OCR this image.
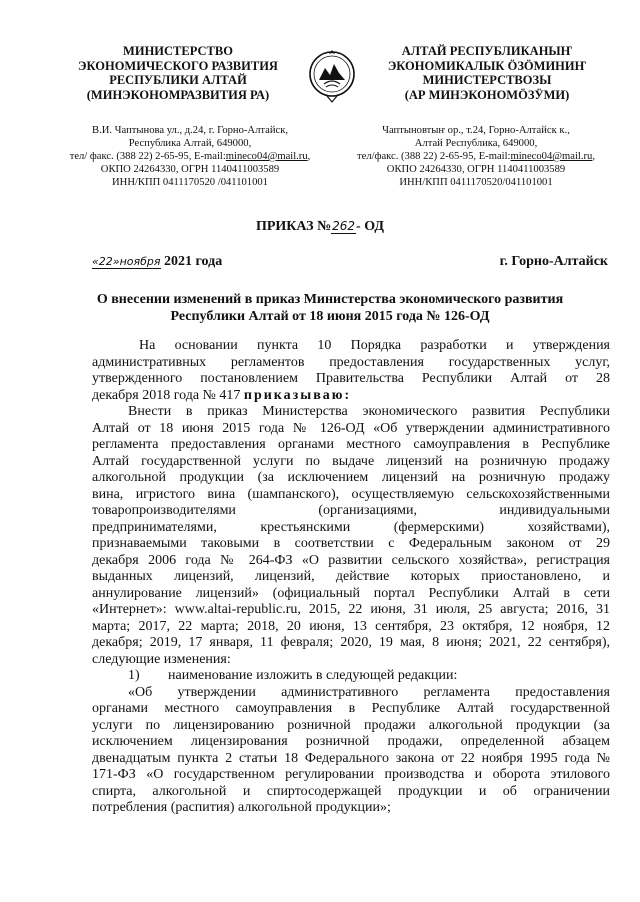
МИНИСТЕРСТВО
ЭКОНОМИЧЕСКОГО РАЗВИТИЯ
РЕСПУБЛИКИ АЛТАЙ
(МИНЭКОНОМРАЗВИТИЯ РА)
АЛТАЙ РЕСПУБЛИКАНЫҤ
ЭКОНОМИКАЛЫК ӦЗӦМИНИҤ
МИНИСТЕРСТВОЗЫ
(АР МИНЭКОНОМӦЗӰМИ)
В.И. Чаптынова ул., д.24, г. Горно-Алтайск,
Республика Алтай, 649000,
тел/ факс. (388 22) 2-65-95, E-mail:mineco04@mail.ru,
ОКПО 24264330, ОГРН 1140411003589
ИНН/КПП 0411170520 /041101001
Чаптыновтыҥ ор., т.24, Горно-Алтайск к.,
Алтай Республика, 649000,
тел/факс. (388 22) 2-65-95, E-mail:mineco04@mail.ru,
ОКПО 24264330, ОГРН 1140411003589
ИНН/КПП 0411170520/041101001
ПРИКАЗ №262- ОД
«22»ноября 2021 года	г. Горно-Алтайск
О внесении изменений в приказ Министерства экономического развития
Республики Алтай от 18 июня 2015 года № 126-ОД
На основании пункта 10 Порядка разработки и утверждения
административных регламентов предоставления государственных услуг,
утвержденного постановлением Правительства Республики Алтай от 28
декабря 2018 года № 417 приказываю:
Внести в приказ Министерства экономического развития Республики
Алтай от 18 июня 2015 года № 126-ОД «Об утверждении административного
регламента предоставления органами местного самоуправления в Республике
Алтай государственной услуги по выдаче лицензий на розничную продажу
алкогольной продукции (за исключением лицензий на розничную продажу
вина, игристого вина (шампанского), осуществляемую сельскохозяйственными
товаропроизводителями (организациями, индивидуальными
предпринимателями, крестьянскими (фермерскими) хозяйствами),
признаваемыми таковыми в соответствии с Федеральным законом от 29
декабря 2006 года № 264-ФЗ «О развитии сельского хозяйства», регистрация
выданных лицензий, лицензий, действие которых приостановлено, и
аннулирование лицензий» (официальный портал Республики Алтай в сети
«Интернет»: www.altai-republic.ru, 2015, 22 июня, 31 июля, 25 августа; 2016, 31
марта; 2017, 22 марта; 2018, 20 июня, 13 сентября, 23 октября, 12 ноября, 12
декабря; 2019, 17 января, 11 февраля; 2020, 19 мая, 8 июня; 2021, 22 сентября),
следующие изменения:
1) наименование изложить в следующей редакции:
«Об утверждении административного регламента предоставления
органами местного самоуправления в Республике Алтай государственной
услуги по лицензированию розничной продажи алкогольной продукции (за
исключением лицензирования розничной продажи, определенной абзацем
двенадцатым пункта 2 статьи 18 Федерального закона от 22 ноября 1995 года №
171-ФЗ «О государственном регулировании производства и оборота этилового
спирта, алкогольной и спиртосодержащей продукции и об ограничении
потребления (распития) алкогольной продукции»;
